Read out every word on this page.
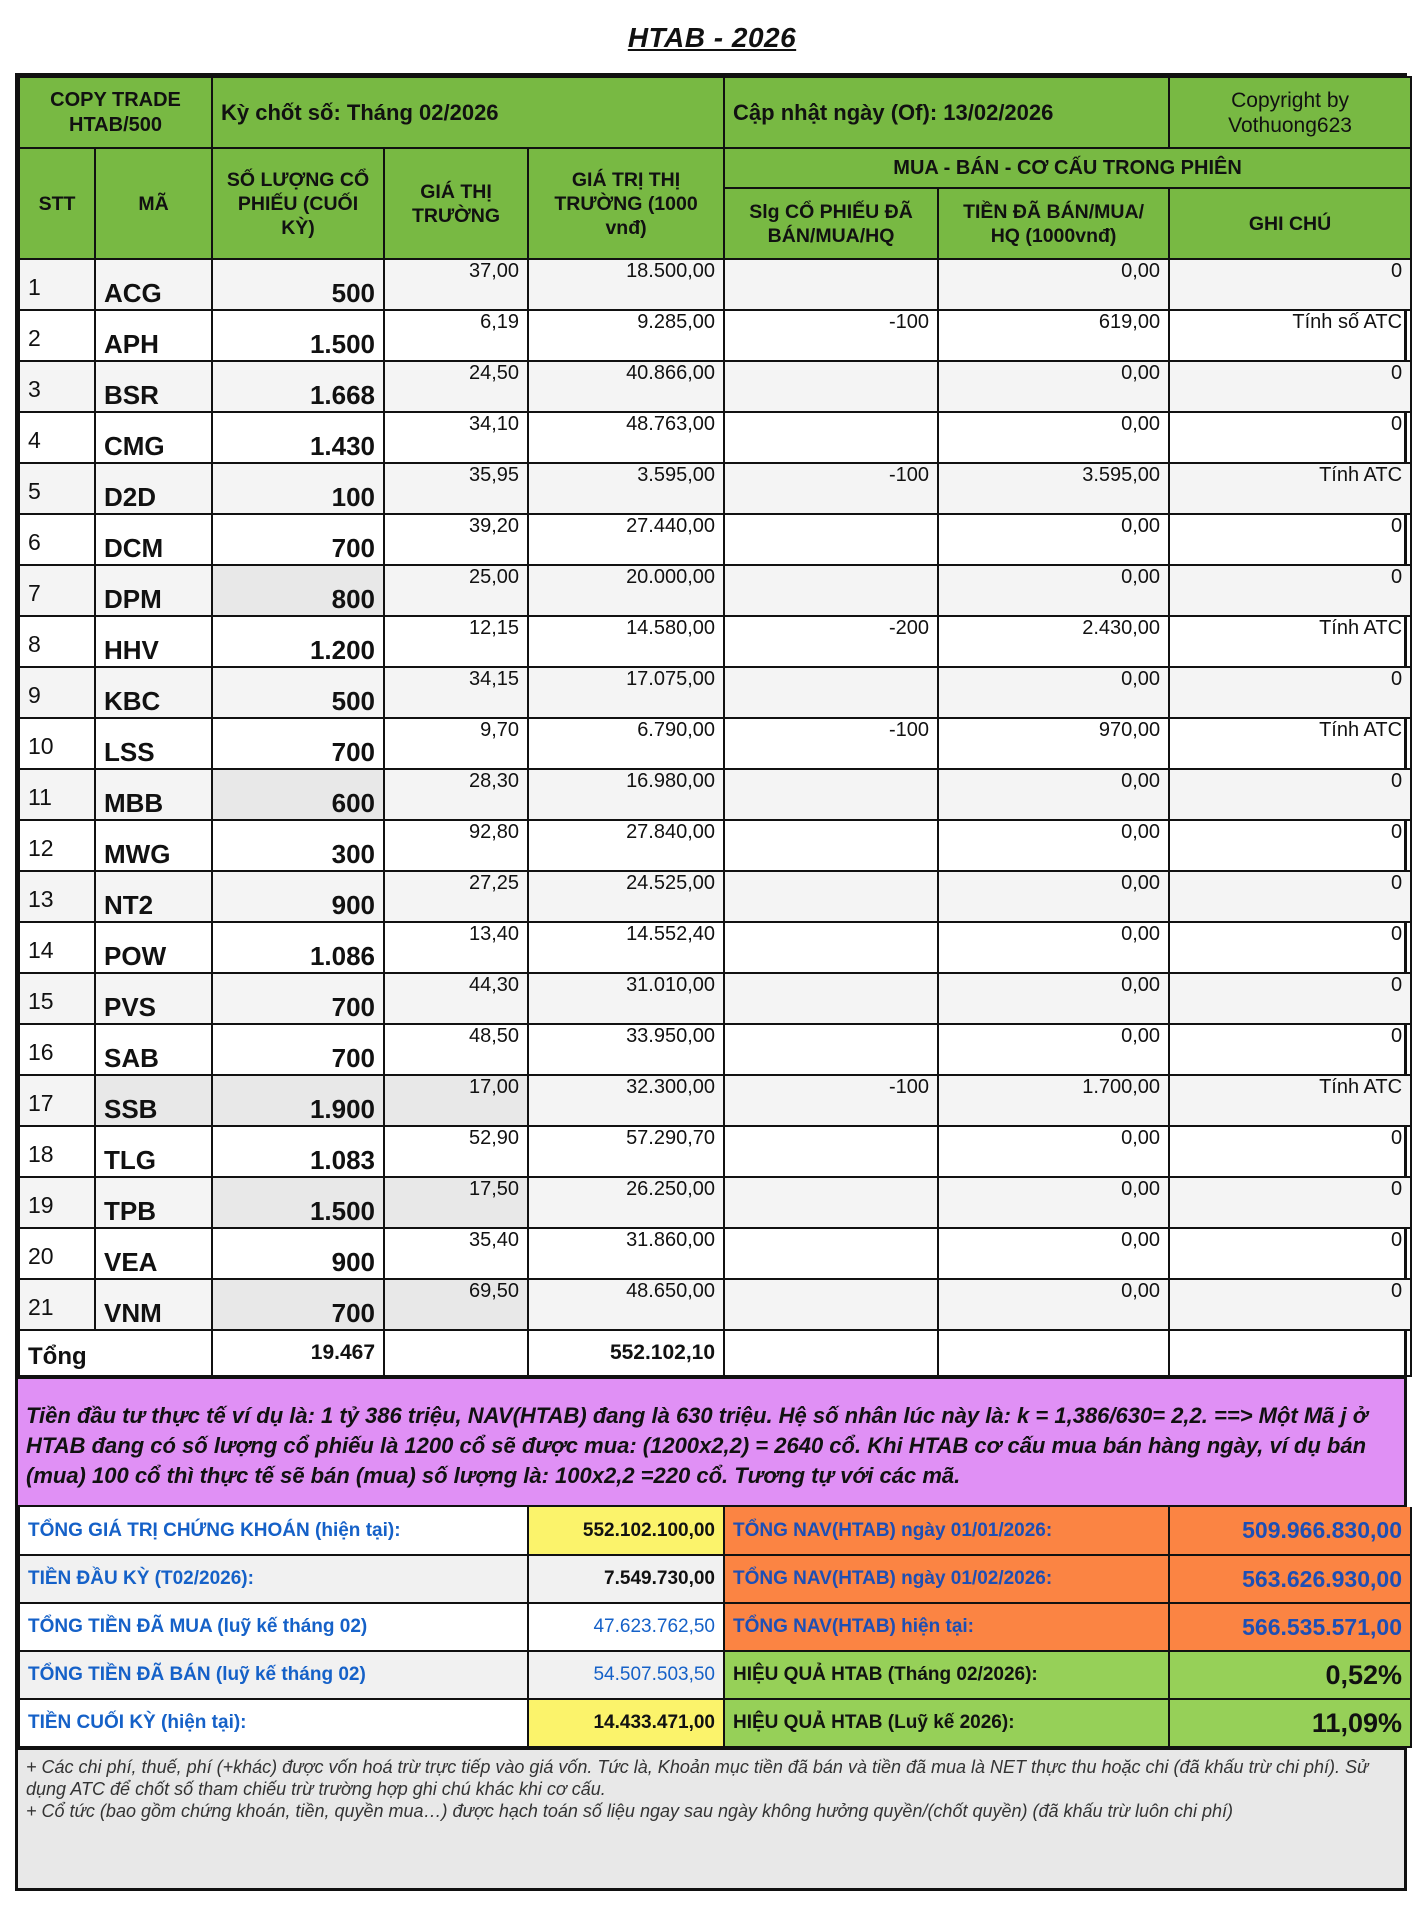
HTAB - 2026
COPY TRADE
HTAB/500	Kỳ chốt số: Tháng 02/2026	Cập nhật ngày (Of): 13/02/2026	Copyright by
Vothuong623

STT	MÃ	SỐ LƯỢNG CỔ PHIẾU (CUỐI KỲ)	GIÁ THỊ TRƯỜNG	GIÁ TRỊ THỊ TRƯỜNG (1000 vnđ)	MUA - BÁN - CƠ CẤU TRONG PHIÊN		
					Slg CỔ PHIẾU ĐÃ BÁN/MUA/HQ	TIỀN ĐÃ BÁN/MUA/ HQ (1000vnđ)	GHI CHÚ
1	ACG	500	37,00	18.500,00		0,00	0
2	APH	1.500	6,19	9.285,00	-100	619,00	Tính số ATC
3	BSR	1.668	24,50	40.866,00		0,00	0
4	CMG	1.430	34,10	48.763,00		0,00	0
5	D2D	100	35,95	3.595,00	-100	3.595,00	Tính ATC
6	DCM	700	39,20	27.440,00		0,00	0
7	DPM	800	25,00	20.000,00		0,00	0
8	HHV	1.200	12,15	14.580,00	-200	2.430,00	Tính ATC
9	KBC	500	34,15	17.075,00		0,00	0
10	LSS	700	9,70	6.790,00	-100	970,00	Tính ATC
11	MBB	600	28,30	16.980,00		0,00	0
12	MWG	300	92,80	27.840,00		0,00	0
13	NT2	900	27,25	24.525,00		0,00	0
14	POW	1.086	13,40	14.552,40		0,00	0
15	PVS	700	44,30	31.010,00		0,00	0
16	SAB	700	48,50	33.950,00		0,00	0
17	SSB	1.900	17,00	32.300,00	-100	1.700,00	Tính ATC
18	TLG	1.083	52,90	57.290,70		0,00	0
19	TPB	1.500	17,50	26.250,00		0,00	0
20	VEA	900	35,40	31.860,00		0,00	0
21	VNM	700	69,50	48.650,00		0,00	0
Tổng		19.467		552.102,10			
Tiền đầu tư thực tế ví dụ là: 1 tỷ 386 triệu, NAV(HTAB) đang là 630 triệu. Hệ số nhân lúc này là: k = 1,386/630= 2,2. ==> Một Mã j ở HTAB đang có số lượng cổ phiếu là 1200 cổ sẽ được mua: (1200x2,2) = 2640 cổ. Khi HTAB cơ cấu mua bán hàng ngày, ví dụ bán (mua) 100 cổ thì thực tế sẽ bán (mua) số lượng là: 100x2,2 =220 cổ. Tương tự với các mã.
TỔNG GIÁ TRỊ CHỨNG KHOÁN (hiện tại):	552.102.100,00	TỔNG NAV(HTAB) ngày 01/01/2026:	509.966.830,00
TIỀN ĐẦU KỲ (T02/2026):	7.549.730,00	TỔNG NAV(HTAB) ngày 01/02/2026:	563.626.930,00
TỔNG TIỀN ĐÃ MUA (luỹ kế tháng 02)	47.623.762,50	TỔNG NAV(HTAB) hiện tại:	566.535.571,00
TỔNG TIỀN ĐÃ BÁN (luỹ kế tháng 02)	54.507.503,50	HIỆU QUẢ HTAB (Tháng 02/2026):	0,52%
TIỀN CUỐI KỲ (hiện tại):	14.433.471,00	HIỆU QUẢ HTAB (Luỹ kế 2026):	11,09%

+ Các chi phí, thuế, phí (+khác) được vốn hoá trừ trực tiếp vào giá vốn. Tức là, Khoản mục tiền đã bán và tiền đã mua là NET thực thu hoặc chi (đã khấu trừ chi phí). Sử dụng ATC để chốt số tham chiếu trừ trường hợp ghi chú khác khi cơ cấu.

+ Cổ tức (bao gồm chứng khoán, tiền, quyền mua…) được hạch toán số liệu ngay sau ngày không hưởng quyền/(chốt quyền) (đã khấu trừ luôn chi phí)
